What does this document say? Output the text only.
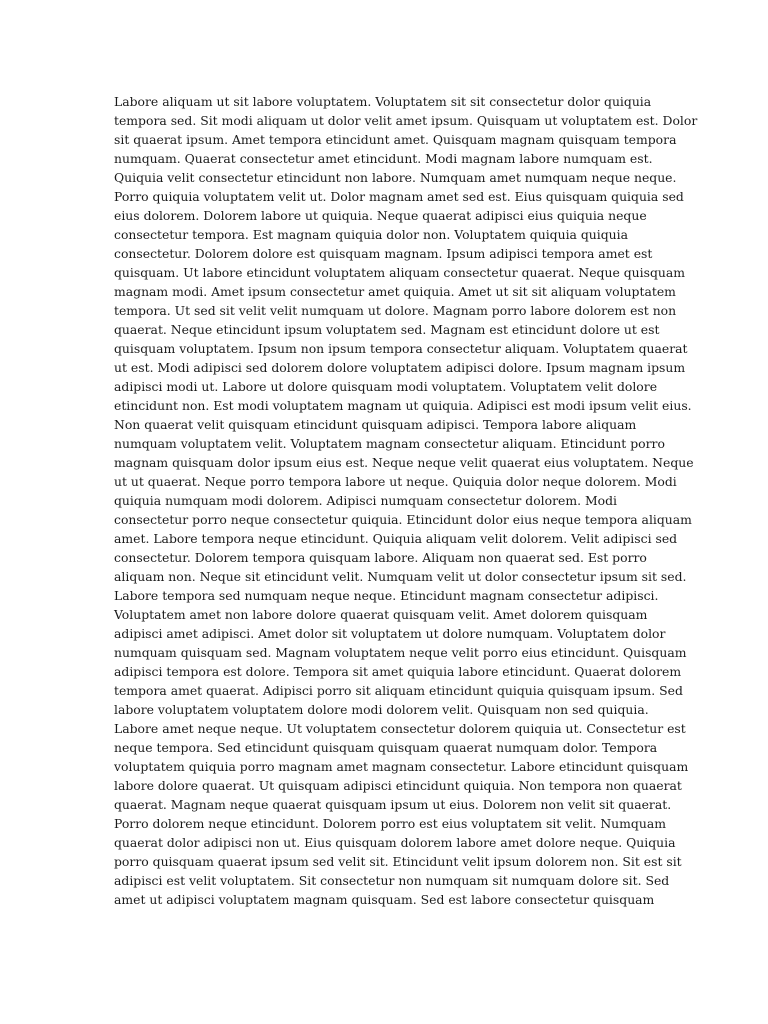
Labore aliquam ut sit labore voluptatem. Voluptatem sit sit consectetur dolor quiquia
tempora sed. Sit modi aliquam ut dolor velit amet ipsum. Quisquam ut voluptatem est. Dolor
sit quaerat ipsum. Amet tempora etincidunt amet. Quisquam magnam quisquam tempora
numquam. Quaerat consectetur amet etincidunt. Modi magnam labore numquam est.
Quiquia velit consectetur etincidunt non labore. Numquam amet numquam neque neque.
Porro quiquia voluptatem velit ut. Dolor magnam amet sed est. Eius quisquam quiquia sed
eius dolorem. Dolorem labore ut quiquia. Neque quaerat adipisci eius quiquia neque
consectetur tempora. Est magnam quiquia dolor non. Voluptatem quiquia quiquia
consectetur. Dolorem dolore est quisquam magnam. Ipsum adipisci tempora amet est
quisquam. Ut labore etincidunt voluptatem aliquam consectetur quaerat. Neque quisquam
magnam modi. Amet ipsum consectetur amet quiquia. Amet ut sit sit aliquam voluptatem
tempora. Ut sed sit velit velit numquam ut dolore. Magnam porro labore dolorem est non
quaerat. Neque etincidunt ipsum voluptatem sed. Magnam est etincidunt dolore ut est
quisquam voluptatem. Ipsum non ipsum tempora consectetur aliquam. Voluptatem quaerat
ut est. Modi adipisci sed dolorem dolore voluptatem adipisci dolore. Ipsum magnam ipsum
adipisci modi ut. Labore ut dolore quisquam modi voluptatem. Voluptatem velit dolore
etincidunt non. Est modi voluptatem magnam ut quiquia. Adipisci est modi ipsum velit eius.
Non quaerat velit quisquam etincidunt quisquam adipisci. Tempora labore aliquam
numquam voluptatem velit. Voluptatem magnam consectetur aliquam. Etincidunt porro
magnam quisquam dolor ipsum eius est. Neque neque velit quaerat eius voluptatem. Neque
ut ut quaerat. Neque porro tempora labore ut neque. Quiquia dolor neque dolorem. Modi
quiquia numquam modi dolorem. Adipisci numquam consectetur dolorem. Modi
consectetur porro neque consectetur quiquia. Etincidunt dolor eius neque tempora aliquam
amet. Labore tempora neque etincidunt. Quiquia aliquam velit dolorem. Velit adipisci sed
consectetur. Dolorem tempora quisquam labore. Aliquam non quaerat sed. Est porro
aliquam non. Neque sit etincidunt velit. Numquam velit ut dolor consectetur ipsum sit sed.
Labore tempora sed numquam neque neque. Etincidunt magnam consectetur adipisci.
Voluptatem amet non labore dolore quaerat quisquam velit. Amet dolorem quisquam
adipisci amet adipisci. Amet dolor sit voluptatem ut dolore numquam. Voluptatem dolor
numquam quisquam sed. Magnam voluptatem neque velit porro eius etincidunt. Quisquam
adipisci tempora est dolore. Tempora sit amet quiquia labore etincidunt. Quaerat dolorem
tempora amet quaerat. Adipisci porro sit aliquam etincidunt quiquia quisquam ipsum. Sed
labore voluptatem voluptatem dolore modi dolorem velit. Quisquam non sed quiquia.
Labore amet neque neque. Ut voluptatem consectetur dolorem quiquia ut. Consectetur est
neque tempora. Sed etincidunt quisquam quisquam quaerat numquam dolor. Tempora
voluptatem quiquia porro magnam amet magnam consectetur. Labore etincidunt quisquam
labore dolore quaerat. Ut quisquam adipisci etincidunt quiquia. Non tempora non quaerat
quaerat. Magnam neque quaerat quisquam ipsum ut eius. Dolorem non velit sit quaerat.
Porro dolorem neque etincidunt. Dolorem porro est eius voluptatem sit velit. Numquam
quaerat dolor adipisci non ut. Eius quisquam dolorem labore amet dolore neque. Quiquia
porro quisquam quaerat ipsum sed velit sit. Etincidunt velit ipsum dolorem non. Sit est sit
adipisci est velit voluptatem. Sit consectetur non numquam sit numquam dolore sit. Sed
amet ut adipisci voluptatem magnam quisquam. Sed est labore consectetur quisquam
